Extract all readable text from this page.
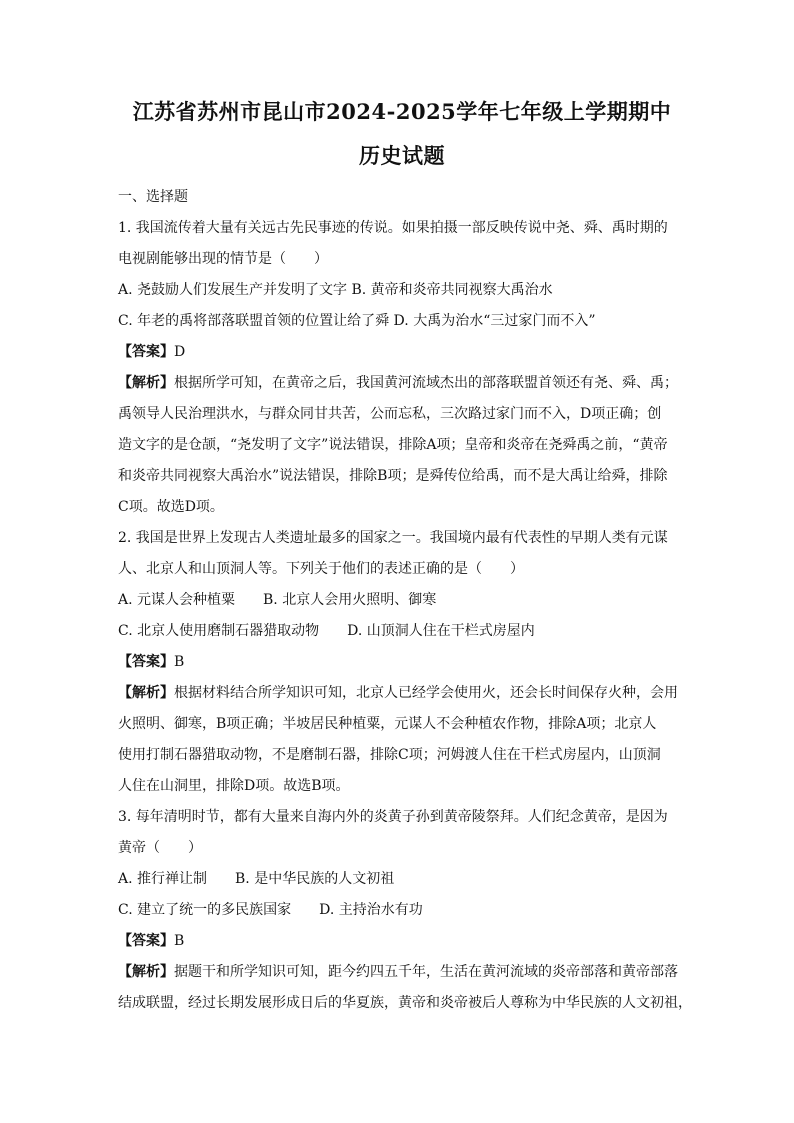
江苏省苏州市昆山市2024-2025学年七年级上学期期中
历史试题

一、选择题

1. 我国流传着大量有关远古先民事迹的传说。如果拍摄一部反映传说中尧、舜、禹时期的

电视剧能够出现的情节是（　　）

A. 尧鼓励人们发展生产并发明了文字 B. 黄帝和炎帝共同视察大禹治水

C. 年老的禹将部落联盟首领的位置让给了舜 D. 大禹为治水“三过家门而不入”

【答案】D

【解析】根据所学可知，在黄帝之后，我国黄河流域杰出的部落联盟首领还有尧、舜、禹；

禹领导人民治理洪水，与群众同甘共苦，公而忘私，三次路过家门而不入，D项正确；创

造文字的是仓颉，“尧发明了文字”说法错误，排除A项；皇帝和炎帝在尧舜禹之前，“黄帝

和炎帝共同视察大禹治水”说法错误，排除B项；是舜传位给禹，而不是大禹让给舜，排除

C项。故选D项。

2. 我国是世界上发现古人类遗址最多的国家之一。我国境内最有代表性的早期人类有元谋

人、北京人和山顶洞人等。下列关于他们的表述正确的是（　　）

A. 元谋人会种植粟　　B. 北京人会用火照明、御寒

C. 北京人使用磨制石器猎取动物　　D. 山顶洞人住在干栏式房屋内

【答案】B

【解析】根据材料结合所学知识可知，北京人已经学会使用火，还会长时间保存火种，会用

火照明、御寒，B项正确；半坡居民种植粟，元谋人不会种植农作物，排除A项；北京人

使用打制石器猎取动物，不是磨制石器，排除C项；河姆渡人住在干栏式房屋内，山顶洞

人住在山洞里，排除D项。故选B项。

3. 每年清明时节，都有大量来自海内外的炎黄子孙到黄帝陵祭拜。人们纪念黄帝，是因为

黄帝（　　）

A. 推行禅让制　　B. 是中华民族的人文初祖

C. 建立了统一的多民族国家　　D. 主持治水有功

【答案】B

【解析】据题干和所学知识可知，距今约四五千年，生活在黄河流域的炎帝部落和黄帝部落

结成联盟，经过长期发展形成日后的华夏族，黄帝和炎帝被后人尊称为中华民族的人文初祖，
